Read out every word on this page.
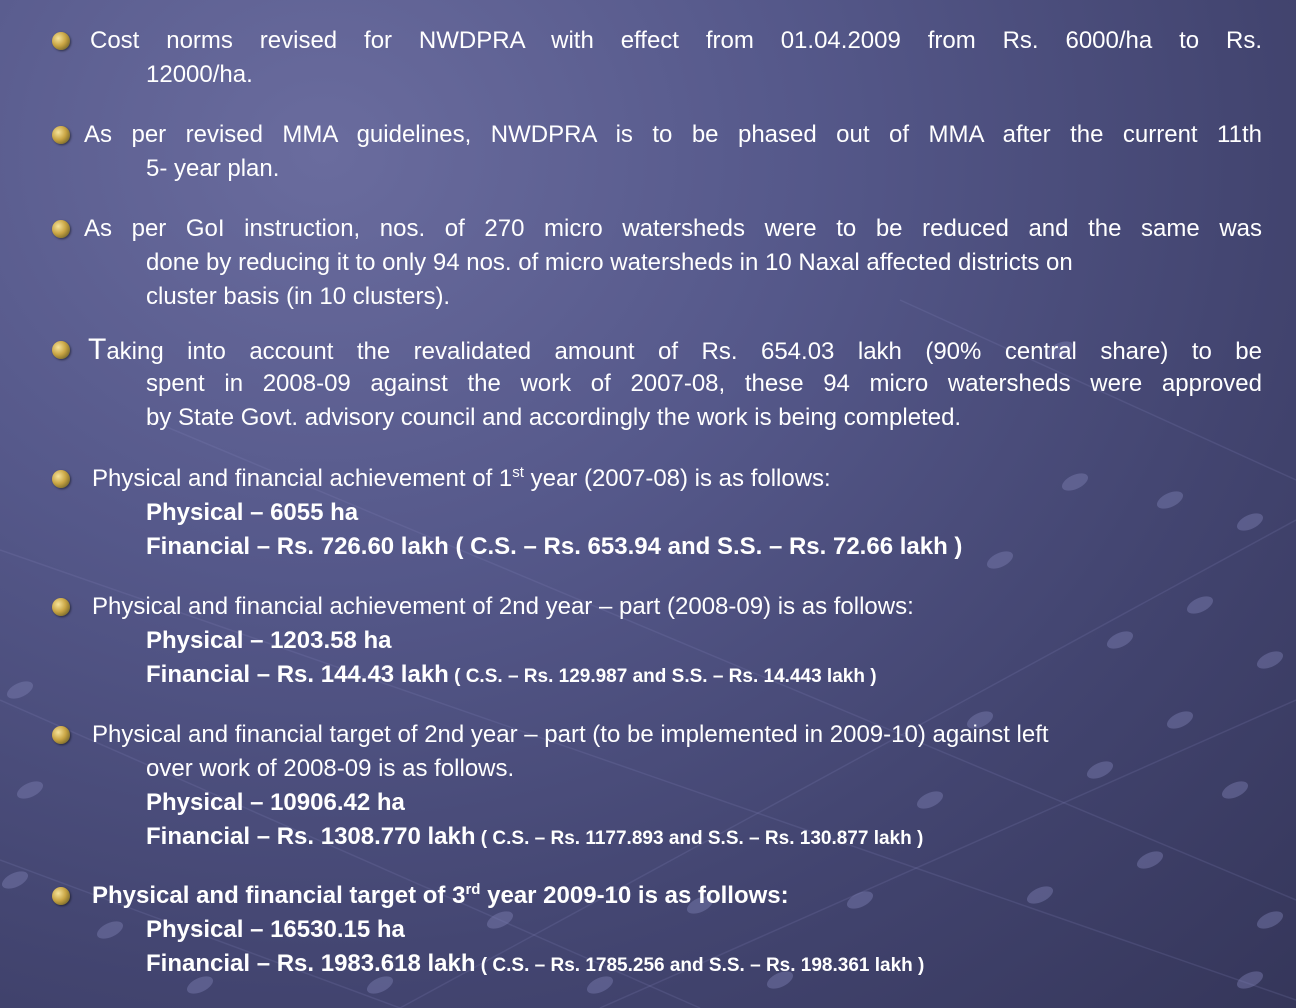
Cost norms revised for NWDPRA with effect from 01.04.2009 from Rs. 6000/ha to Rs.
12000/ha.
As per revised MMA guidelines, NWDPRA is to be phased out of MMA after the current 11th
5- year plan.
As per GoI instruction, nos. of 270 micro watersheds were to be reduced and the same was
done by reducing it to only 94 nos. of micro watersheds in 10 Naxal affected districts on
cluster basis (in 10 clusters).
Taking into account the revalidated amount of Rs. 654.03 lakh (90% central share) to be
spent in 2008-09 against the work of 2007-08, these 94 micro watersheds were approved
by State Govt. advisory council and accordingly the work is being completed.
Physical and financial achievement of 1st year (2007-08) is as follows:
Physical – 6055 ha
Financial – Rs. 726.60 lakh ( C.S. – Rs. 653.94 and S.S. – Rs. 72.66 lakh )
Physical and financial achievement of 2nd year – part (2008-09) is as follows:
Physical – 1203.58 ha
Financial – Rs. 144.43 lakh ( C.S. – Rs. 129.987 and S.S. – Rs. 14.443 lakh )
Physical and financial target of 2nd year – part (to be implemented in 2009-10) against left
over work of 2008-09 is as follows.
Physical – 10906.42 ha
Financial – Rs. 1308.770 lakh ( C.S. – Rs. 1177.893 and S.S. – Rs. 130.877 lakh )
Physical and financial target of 3rd year 2009-10 is as follows:
Physical – 16530.15 ha
Financial – Rs. 1983.618 lakh ( C.S. – Rs. 1785.256 and S.S. – Rs. 198.361 lakh )
